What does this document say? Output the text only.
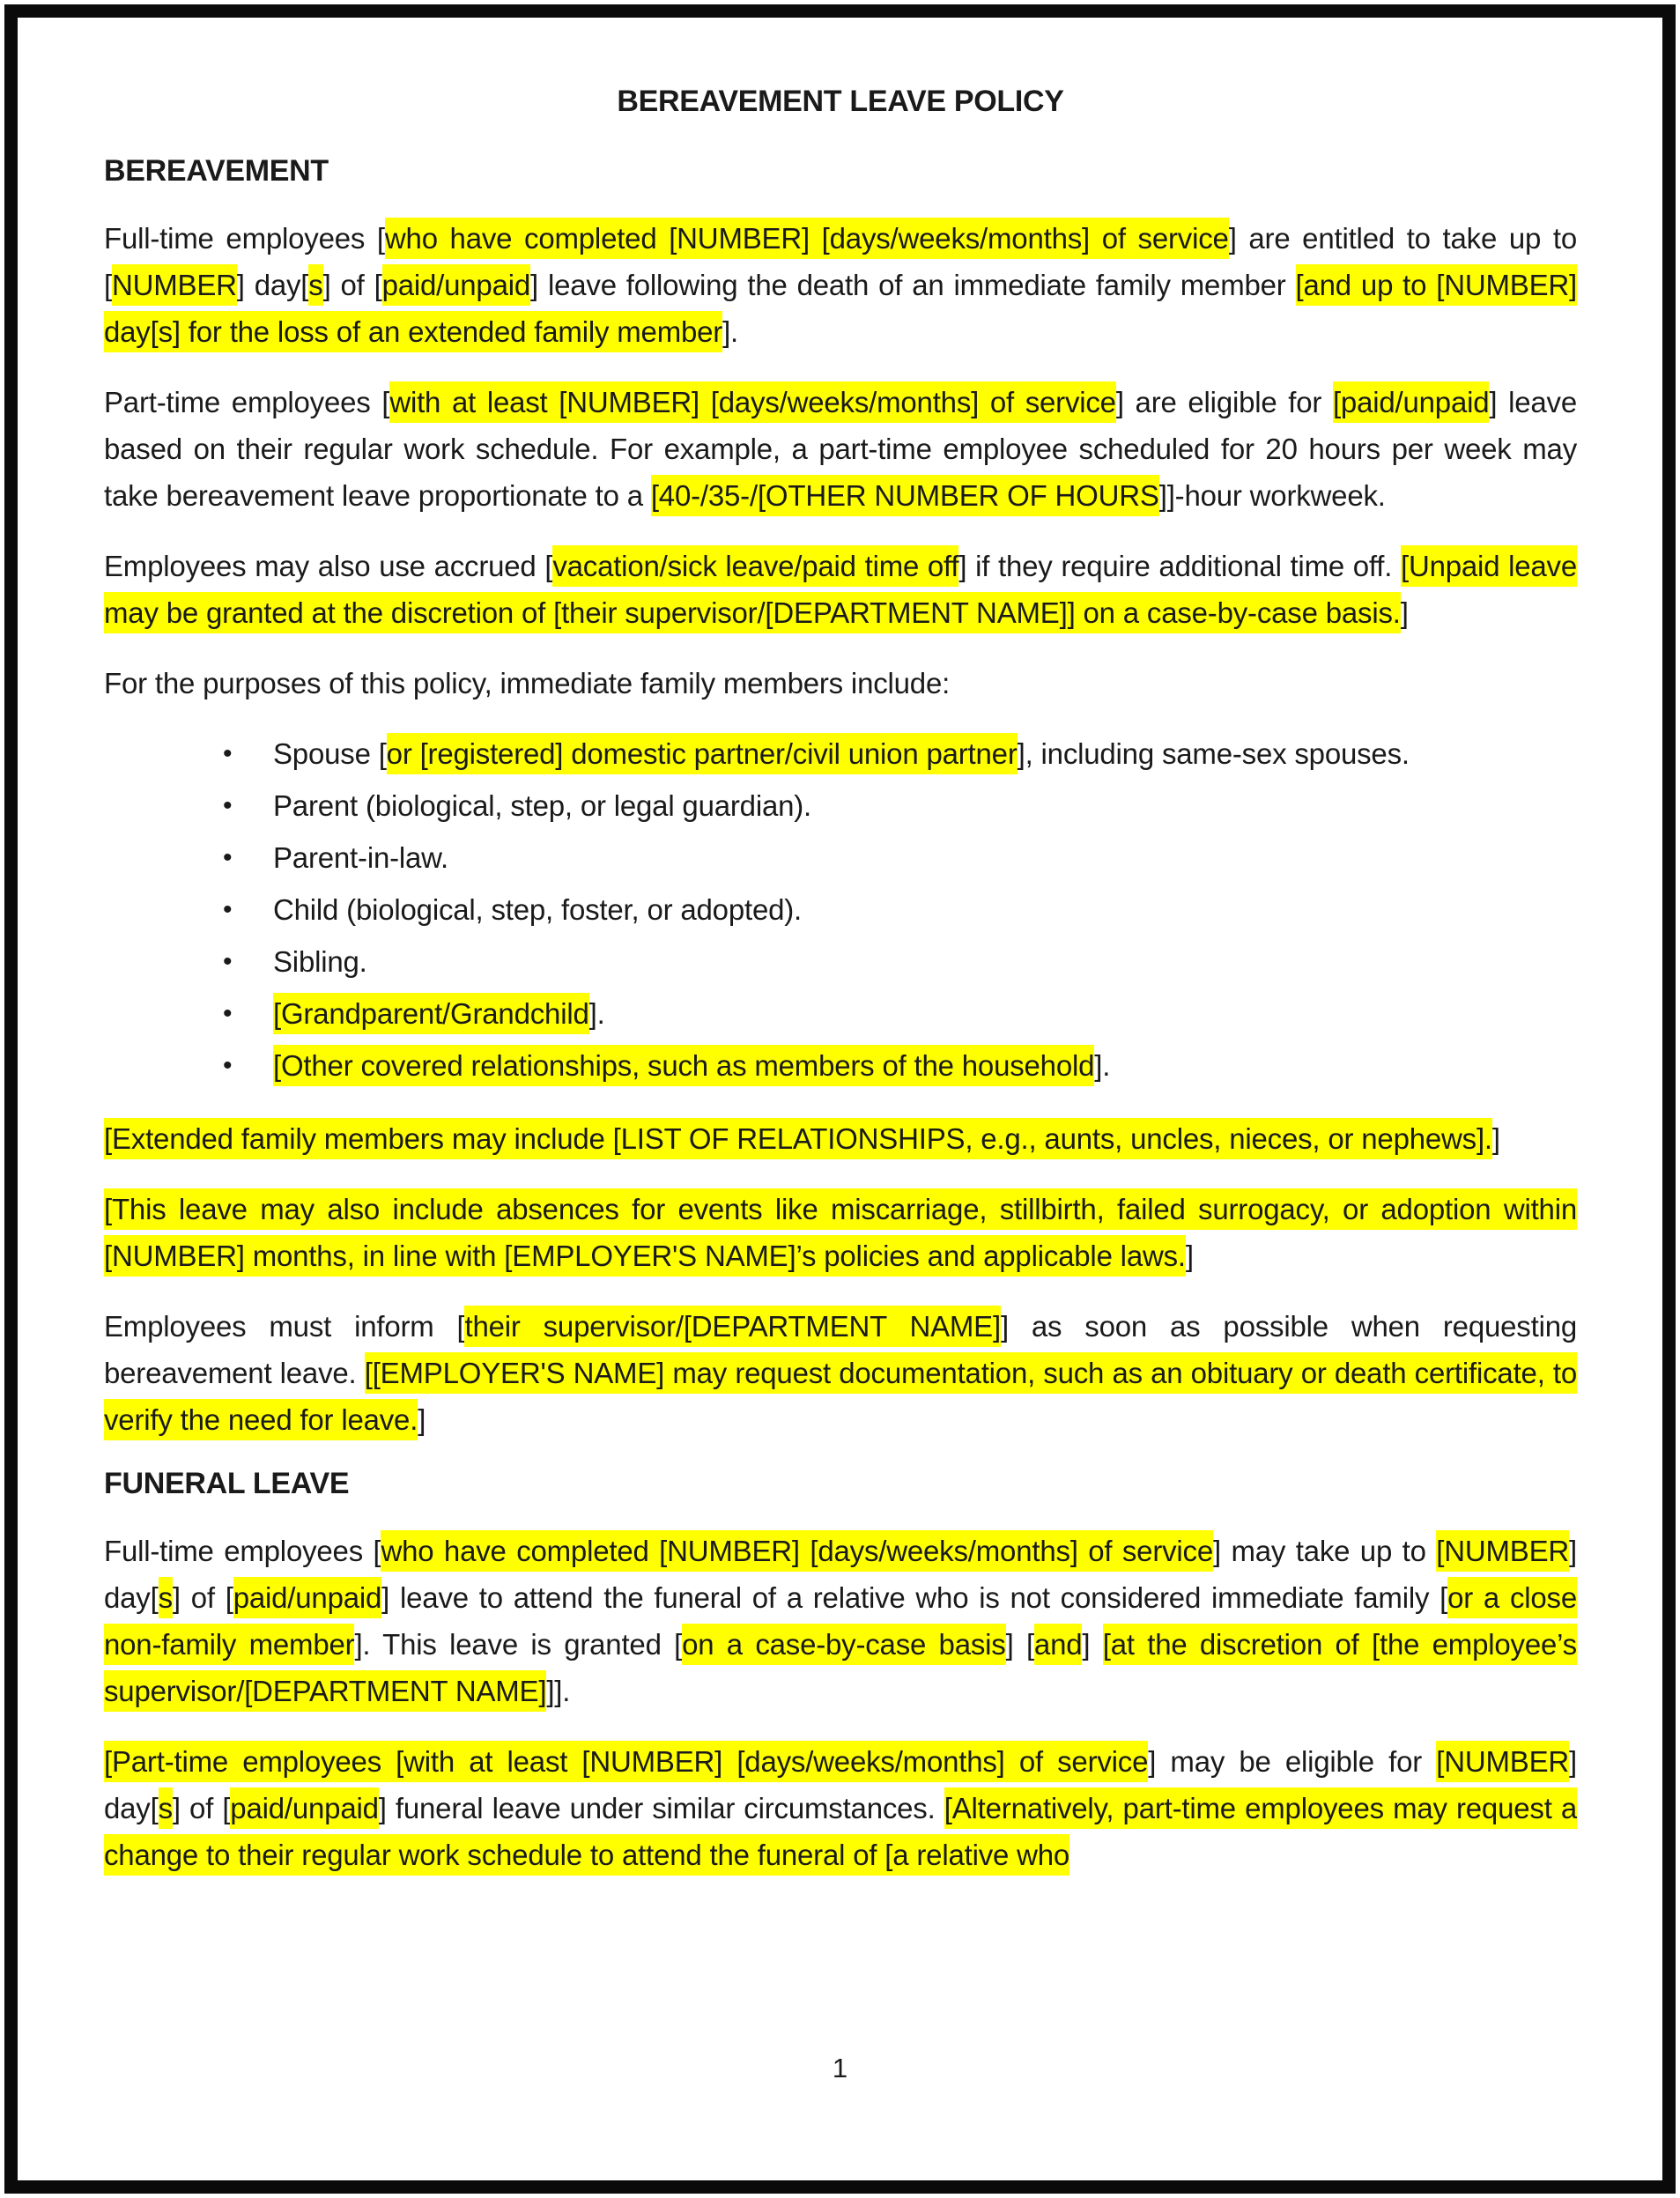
BEREAVEMENT LEAVE POLICY
BEREAVEMENT

Full-time employees [who have completed [NUMBER] [days/weeks/months] of service] are entitled to take up to [NUMBER] day[s] of [paid/unpaid] leave following the death of an immediate family member [and up to [NUMBER] day[s] for the loss of an extended family member].

Part-time employees [with at least [NUMBER] [days/weeks/months] of service] are eligible for [paid/unpaid] leave based on their regular work schedule. For example, a part-time employee scheduled for 20 hours per week may take bereavement leave proportionate to a [40-/35-/[OTHER NUMBER OF HOURS]]-hour workweek.

Employees may also use accrued [vacation/sick leave/paid time off] if they require additional time off. [Unpaid leave may be granted at the discretion of [their supervisor/[DEPARTMENT NAME]] on a case-by-case basis.]

For the purposes of this policy, immediate family members include:

•	Spouse [or [registered] domestic partner/civil union partner], including same-sex spouses.
•	Parent (biological, step, or legal guardian).
•	Parent-in-law.
•	Child (biological, step, foster, or adopted).
•	Sibling.
•	[Grandparent/Grandchild].
•	[Other covered relationships, such as members of the household].

[Extended family members may include [LIST OF RELATIONSHIPS, e.g., aunts, uncles, nieces, or nephews].]

[This leave may also include absences for events like miscarriage, stillbirth, failed surrogacy, or adoption within [NUMBER] months, in line with [EMPLOYER'S NAME]’s policies and applicable laws.]

Employees must inform [their supervisor/[DEPARTMENT NAME]] as soon as possible when requesting bereavement leave. [[EMPLOYER'S NAME] may request documentation, such as an obituary or death certificate, to verify the need for leave.]

FUNERAL LEAVE

Full-time employees [who have completed [NUMBER] [days/weeks/months] of service] may take up to [NUMBER] day[s] of [paid/unpaid] leave to attend the funeral of a relative who is not considered immediate family [or a close non-family member]. This leave is granted [on a case-by-case basis] [and] [at the discretion of [the employee’s supervisor/[DEPARTMENT NAME]]].

[Part-time employees [with at least [NUMBER] [days/weeks/months] of service] may be eligible for [NUMBER] day[s] of [paid/unpaid] funeral leave under similar circumstances. [Alternatively, part-time employees may request a change to their regular work schedule to attend the funeral of [a relative who

1
